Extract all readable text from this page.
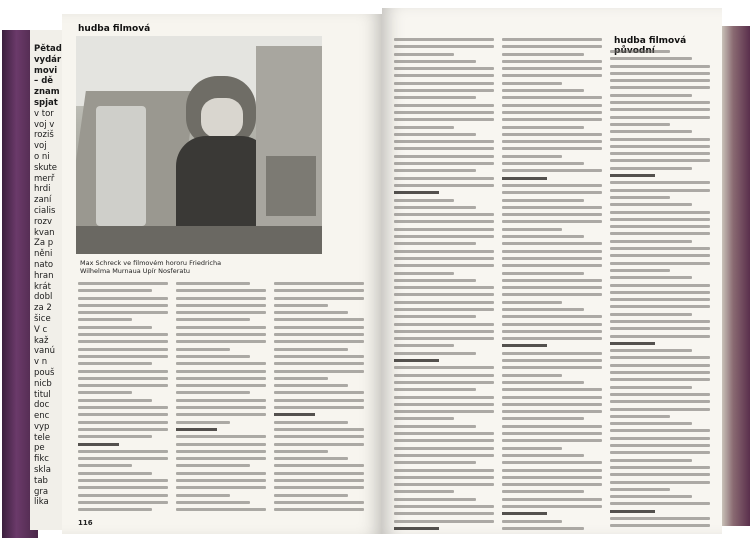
Pětad
vydár
movi
– dě
znam
spjat
v tor
voj v
roziš
voj
o ni
skute
merř
hrdi
zaní
cialis
rozv
kvan
Za p
něni
nato
hran
krát
dobl
za 2
šice
V c
kaž
vanú
v n
pouš
nicb
titul
doc
enc
vyp
tele
pe
fikc
skla
tab
gra
lika
hudba filmová
Max Schreck ve filmovém hororu Friedricha Wilhelma Murnaua Upír Nosferatu
116
hudba filmová
